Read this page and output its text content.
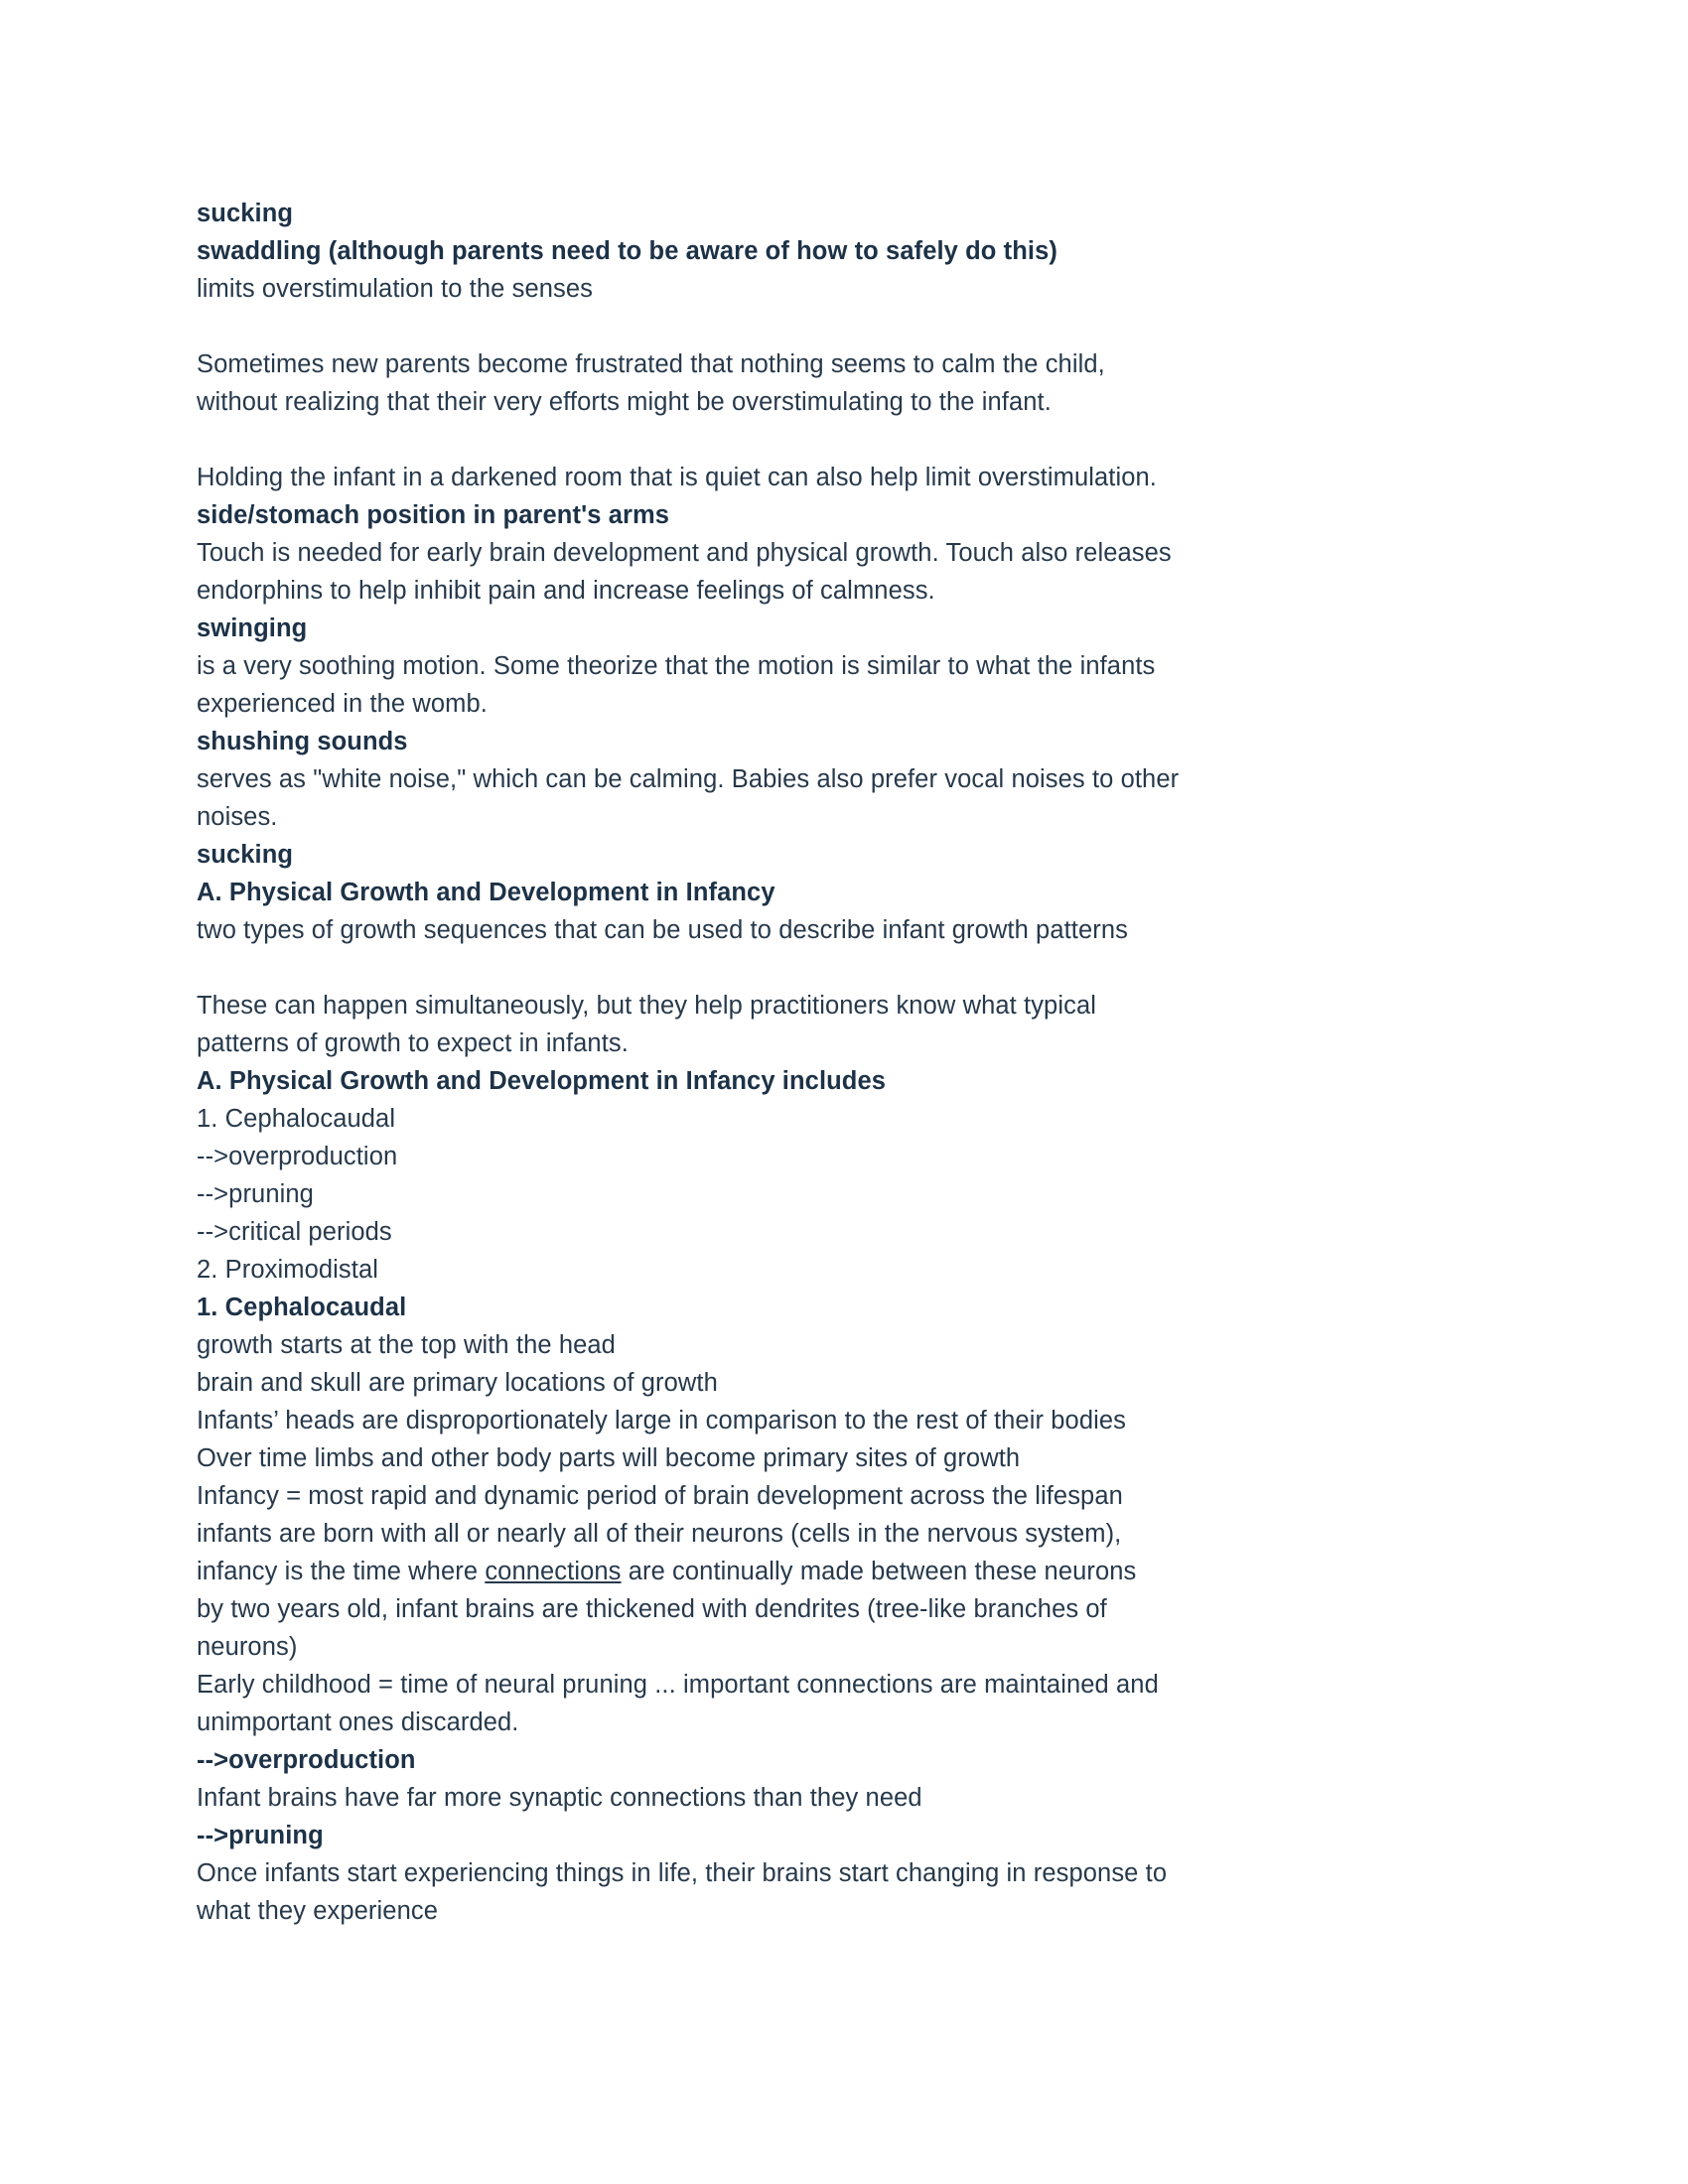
sucking
swaddling (although parents need to be aware of how to safely do this)
limits overstimulation to the senses
Sometimes new parents become frustrated that nothing seems to calm the child,
without realizing that their very efforts might be overstimulating to the infant.
Holding the infant in a darkened room that is quiet can also help limit overstimulation.
side/stomach position in parent's arms
Touch is needed for early brain development and physical growth. Touch also releases
endorphins to help inhibit pain and increase feelings of calmness.
swinging
is a very soothing motion. Some theorize that the motion is similar to what the infants
experienced in the womb.
shushing sounds
serves as "white noise," which can be calming. Babies also prefer vocal noises to other
noises.
sucking
A. Physical Growth and Development in Infancy
two types of growth sequences that can be used to describe infant growth patterns
These can happen simultaneously, but they help practitioners know what typical
patterns of growth to expect in infants.
A. Physical Growth and Development in Infancy includes
1. Cephalocaudal
-->overproduction
-->pruning
-->critical periods
2. Proximodistal
1. Cephalocaudal
growth starts at the top with the head
brain and skull are primary locations of growth
Infants’ heads are disproportionately large in comparison to the rest of their bodies
Over time limbs and other body parts will become primary sites of growth
Infancy = most rapid and dynamic period of brain development across the lifespan
infants are born with all or nearly all of their neurons (cells in the nervous system),
infancy is the time where connections are continually made between these neurons
by two years old, infant brains are thickened with dendrites (tree-like branches of
neurons)
Early childhood = time of neural pruning ... important connections are maintained and
unimportant ones discarded.
-->overproduction
Infant brains have far more synaptic connections than they need
-->pruning
Once infants start experiencing things in life, their brains start changing in response to
what they experience
